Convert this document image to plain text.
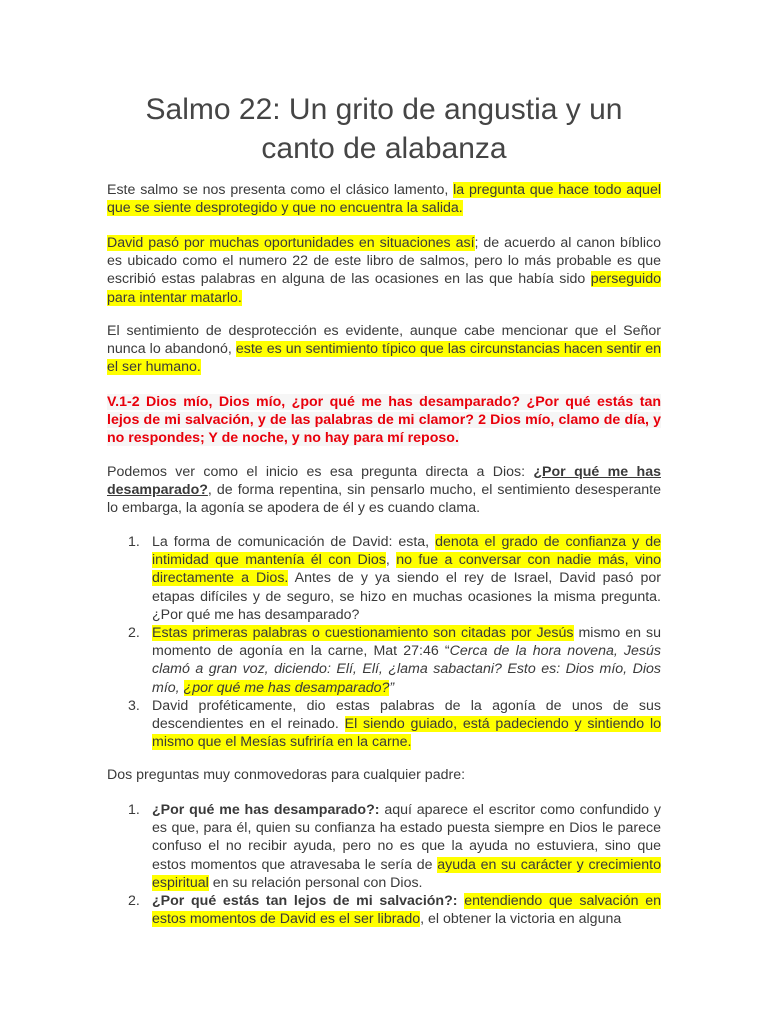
Salmo 22: Un grito de angustia y un canto de alabanza

Este salmo se nos presenta como el clásico lamento, la pregunta que hace todo aquel que se siente desprotegido y que no encuentra la salida.

David pasó por muchas oportunidades en situaciones así; de acuerdo al canon bíblico es ubicado como el numero 22 de este libro de salmos, pero lo más probable es que escribió estas palabras en alguna de las ocasiones en las que había sido perseguido para intentar matarlo.

El sentimiento de desprotección es evidente, aunque cabe mencionar que el Señor nunca lo abandonó, este es un sentimiento típico que las circunstancias hacen sentir en el ser humano.

V.1-2 Dios mío, Dios mío, ¿por qué me has desamparado? ¿Por qué estás tan lejos de mi salvación, y de las palabras de mi clamor? 2 Dios mío, clamo de día, y no respondes; Y de noche, y no hay para mí reposo.

Podemos ver como el inicio es esa pregunta directa a Dios: ¿Por qué me has desamparado?, de forma repentina, sin pensarlo mucho, el sentimiento desesperante lo embarga, la agonía se apodera de él y es cuando clama.

1. La forma de comunicación de David: esta, denota el grado de confianza y de intimidad que mantenía él con Dios, no fue a conversar con nadie más, vino directamente a Dios. Antes de y ya siendo el rey de Israel, David pasó por etapas difíciles y de seguro, se hizo en muchas ocasiones la misma pregunta. ¿Por qué me has desamparado?
2. Estas primeras palabras o cuestionamiento son citadas por Jesús mismo en su momento de agonía en la carne, Mat 27:46 “Cerca de la hora novena, Jesús clamó a gran voz, diciendo: Elí, Elí, ¿lama sabactani? Esto es: Dios mío, Dios mío, ¿por qué me has desamparado?”
3. David proféticamente, dio estas palabras de la agonía de unos de sus descendientes en el reinado. El siendo guiado, está padeciendo y sintiendo lo mismo que el Mesías sufriría en la carne.

Dos preguntas muy conmovedoras para cualquier padre:

1. ¿Por qué me has desamparado?: aquí aparece el escritor como confundido y es que, para él, quien su confianza ha estado puesta siempre en Dios le parece confuso el no recibir ayuda, pero no es que la ayuda no estuviera, sino que estos momentos que atravesaba le sería de ayuda en su carácter y crecimiento espiritual en su relación personal con Dios.
2. ¿Por qué estás tan lejos de mi salvación?: entendiendo que salvación en estos momentos de David es el ser librado, el obtener la victoria en alguna
